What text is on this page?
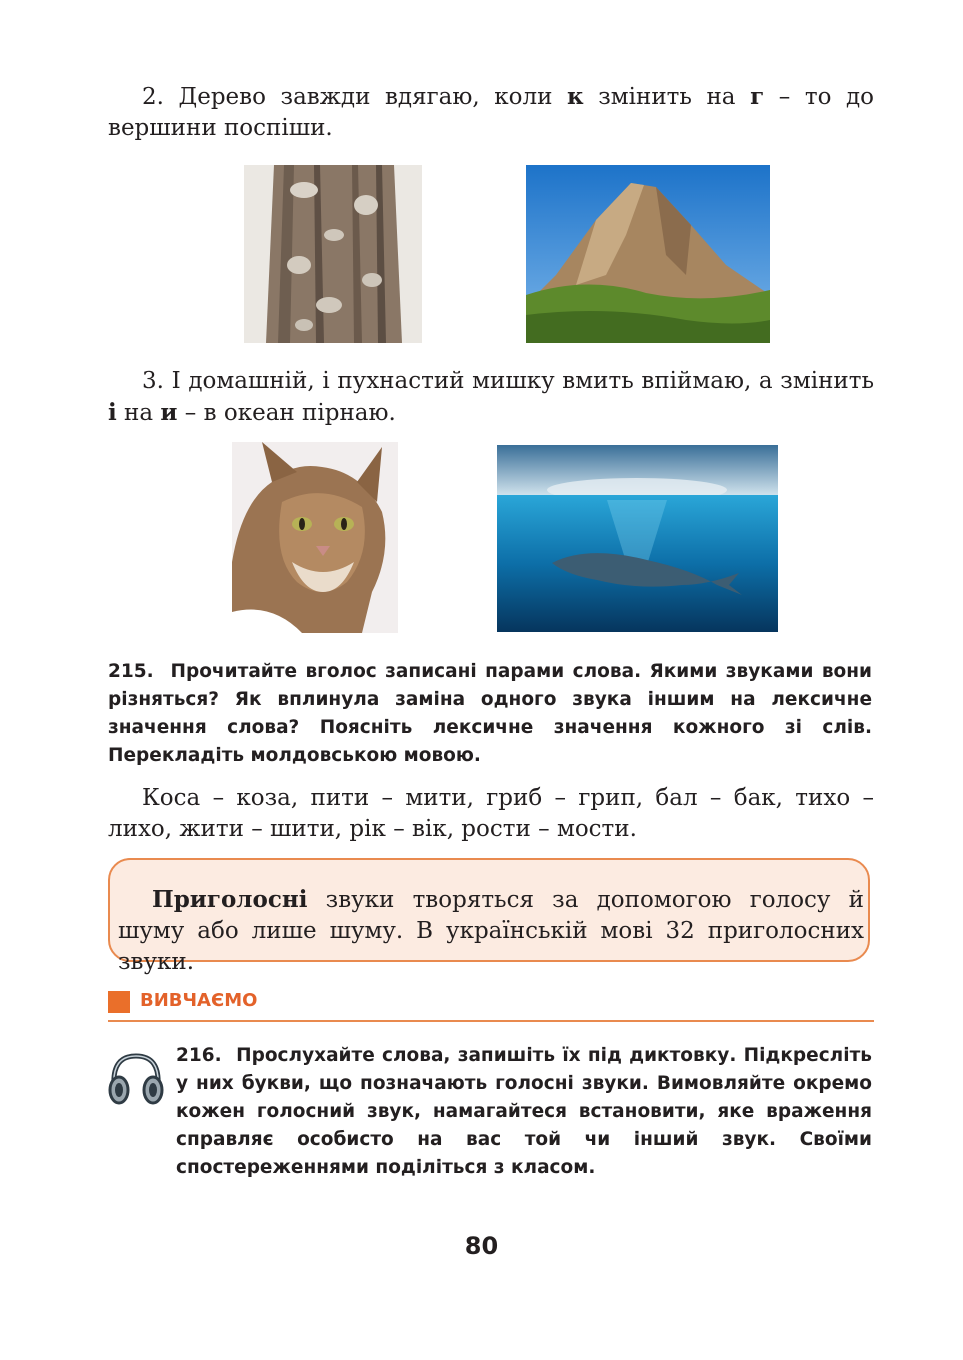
2. Дерево завжди вдягаю, коли к змінить на г – то до вершини поспіши.

3. І домашній, і пухнастий мишку вмить впіймаю, а змінить і на и – в океан пірнаю.

215. Прочитайте вголос записані парами слова. Якими звуками вони різняться? Як вплинула заміна одного звука іншим на лексичне значення слова? Поясніть лексичне значення кожного зі слів. Перекладіть молдовською мовою.

Коса – коза, пити – мити, гриб – грип, бал – бак, тихо – лихо, жити – шити, рік – вік, рости – мости.

Приголосні звуки творяться за допомогою голосу й шуму або лише шуму. В українській мові 32 приголосних звуки.

ВИВЧАЄМО

216. Прослухайте слова, запишіть їх під диктовку. Підкресліть у них букви, що позначають голосні звуки. Вимовляйте окремо кожен голосний звук, намагайтеся встановити, яке враження справляє особисто на вас той чи інший звук. Своїми спостереженнями поділіться з класом.

80
